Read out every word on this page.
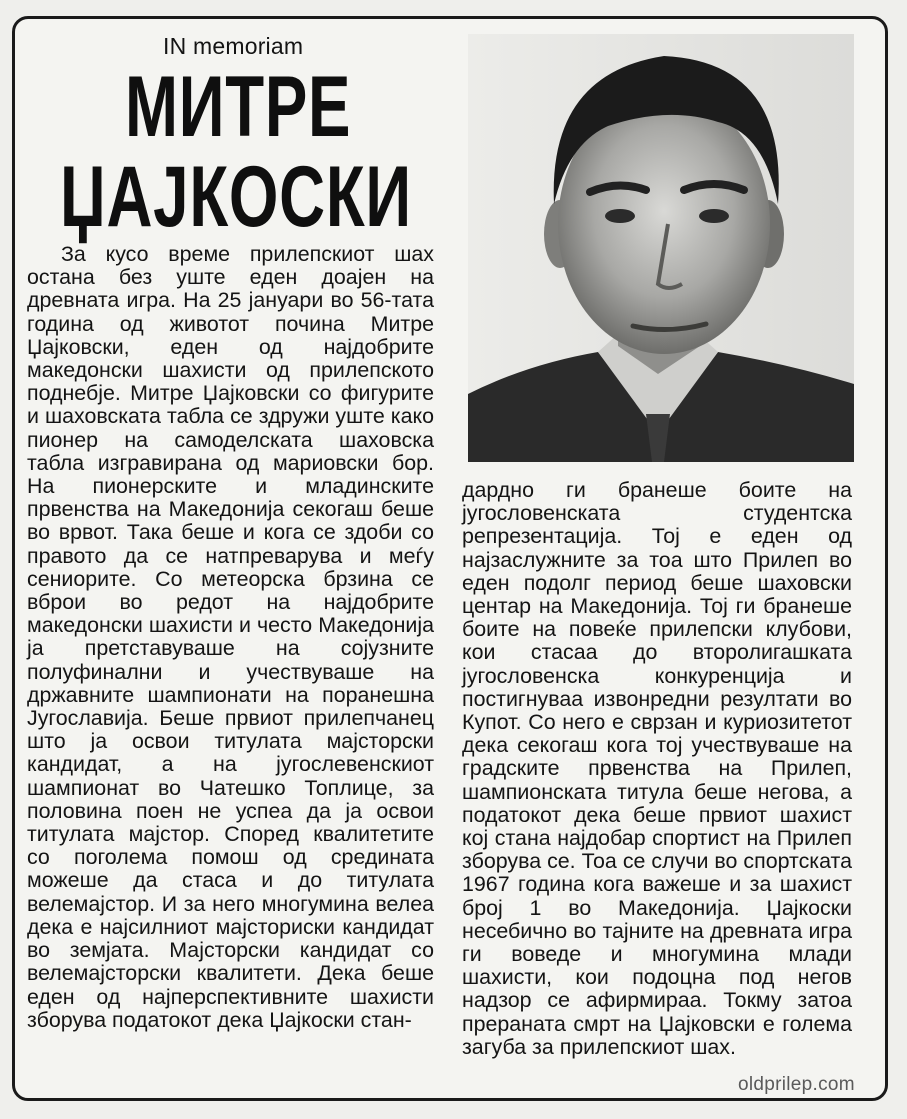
IN memoriam
МИТРЕ
ЏАЈКОСКИ
За кусо време прилепскиот шах остана без уште еден доајен на древната игра. На 25 јануари во 56-тата година од животот почина Митре Џајковски, еден од најдобрите македонски шахисти од прилепското поднебје. Митре Џајковски со фигурите и шаховската табла се здружи уште како пионер на самоделската шаховска табла изгравирана од мариовски бор. На пионерските и младинските првенства на Македонија секогаш беше во врвот. Така беше и кога се здоби со правото да се натпреварува и меѓу сениорите. Со метеорска брзина се вброи во редот на најдобрите македонски шахисти и често Македонија ја претставуваше на сојузните полуфинални и учествуваше на државните шампионати на поранешна Југославија. Беше првиот прилепчанец што ја освои титулата мајсторски кандидат, а на југослевенскиот шампионат во Чатешко Топлице, за половина поен не успеа да ја освои титулата мајстор. Според квалитетите со поголема помош од средината можеше да стаса и до титулата велемајстор. И за него многумина велеа дека е најсилниот мајсториски кандидат во земјата. Мајсторски кандидат со велемајсторски квалитети. Дека беше еден од најперспективните шахисти зборува податокот дека Џајкоски стан-
дардно ги бранеше боите на југословенската студентска репрезентација. Тој е еден од најзаслужните за тоа што Прилеп во еден подолг период беше шаховски центар на Македонија. Тој ги бранеше боите на повеќе прилепски клубови, кои стасаа до второлигашката југословенска конкуренција и постигнуваа извонредни резултати во Купот. Со него е сврзан и куриозитетот дека секогаш кога тој учествуваше на градските првенства на Прилеп, шампионската титула беше негова, а податокот дека беше првиот шахист кој стана најдобар спортист на Прилеп зборува се. Тоа се случи во спортската 1967 година кога важеше и за шахист број 1 во Македонија. Џајкоски несебично во тајните на древната игра ги воведе и многумина млади шахисти, кои подоцна под негов надзор се афирмираа. Токму затоа прераната смрт на Џајковски е голема загуба за прилепскиот шах.
oldprilep.com
